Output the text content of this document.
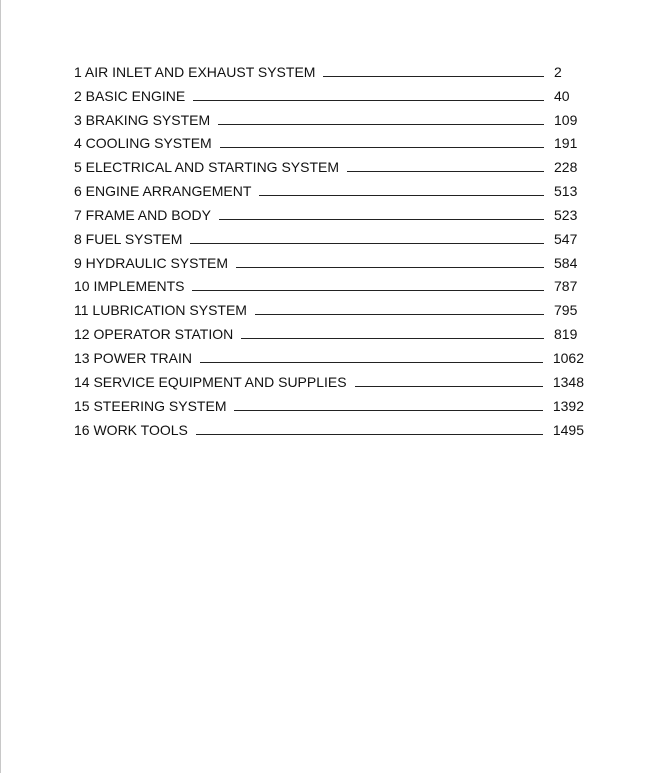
1 AIR INLET AND EXHAUST SYSTEM	2
2 BASIC ENGINE	40
3 BRAKING SYSTEM	109
4 COOLING SYSTEM	191
5 ELECTRICAL AND STARTING SYSTEM	228
6 ENGINE ARRANGEMENT	513
7 FRAME AND BODY	523
8 FUEL SYSTEM	547
9 HYDRAULIC SYSTEM	584
10 IMPLEMENTS	787
11 LUBRICATION SYSTEM	795
12 OPERATOR STATION	819
13 POWER TRAIN	1062
14 SERVICE EQUIPMENT AND SUPPLIES	1348
15 STEERING SYSTEM	1392
16 WORK TOOLS	1495
